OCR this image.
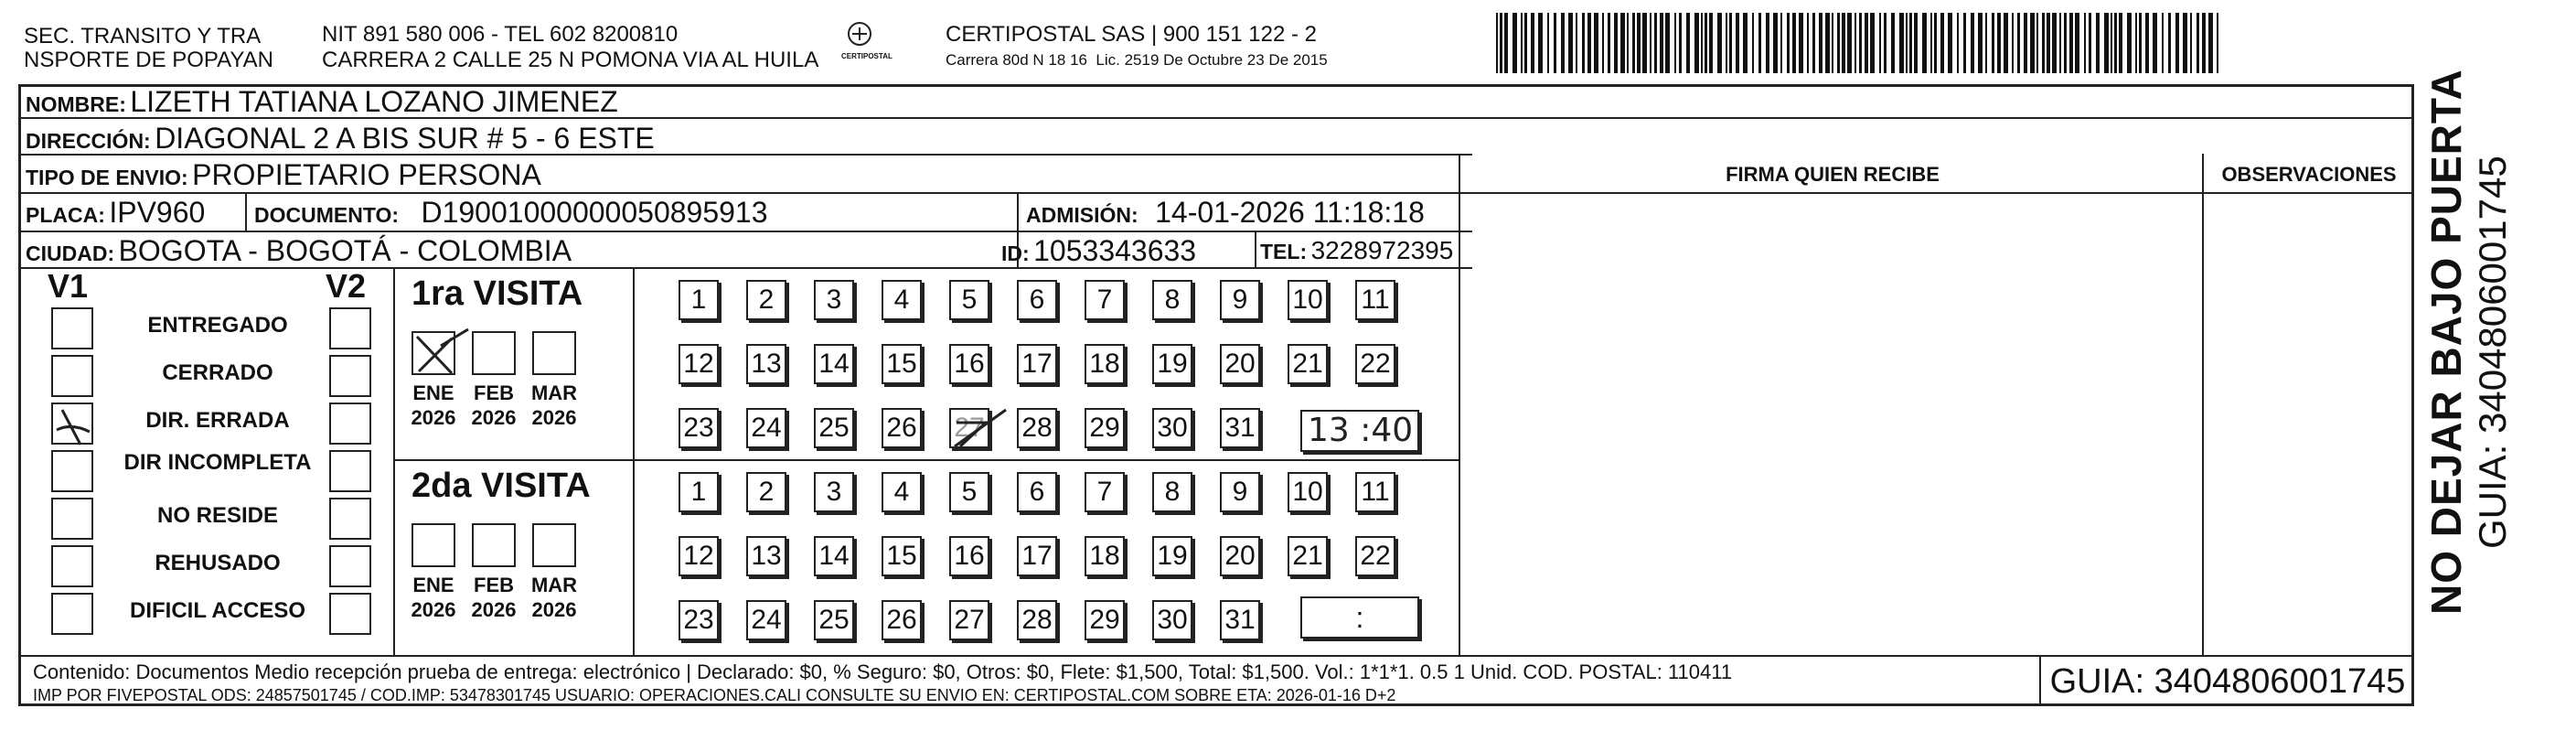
SEC. TRANSITO Y TRA
NSPORTE DE POPAYAN
NIT 891 580 006 - TEL 602 8200810
CARRERA 2 CALLE 25 N POMONA VIA AL HUILA	CERTIPOSTAL
CERTIPOSTAL SAS | 900 151 122 - 2
Carrera 80d N 18 16  Lic. 2519 De Octubre 23 De 2015
NOMBRE: LIZETH TATIANA LOZANO JIMENEZ
DIRECCIÓN: DIAGONAL 2 A BIS SUR # 5 - 6 ESTE
TIPO DE ENVIO: PROPIETARIO PERSONA	FIRMA QUIEN RECIBE	OBSERVACIONES
PLACA: IPV960 DOCUMENTO: D19001000000050895913	ADMISIÓN: 14-01-2026 11:18:18
CIUDAD: BOGOTA - BOGOTÁ - COLOMBIA	ID: 1053343633	TEL: 3228972395
V1	V2
ENTREGADO
CERRADO
DIR. ERRADA
DIR INCOMPLETA
NO RESIDE
REHUSADO
DIFICIL ACCESO
1ra VISITA
ENE
2026
FEB
2026
MAR
2026
1	2	3	4	5	6	7	8	9	10 11
12 13 14 15 16 17 18 19 20 21 22
23 24 25 26 27 28 29 30 31 13 :40
2da VISITA
ENE
2026
FEB
2026
MAR
2026
1	2	3	4	5	6	7	8	9	10 11
12 13 14 15 16 17 18 19 20 21 22
23 24 25 26 27 28 29 30 31	:
Contenido: Documentos Medio recepción prueba de entrega: electrónico | Declarado: $0, % Seguro: $0, Otros: $0, Flete: $1,500, Total: $1,500. Vol.: 1*1*1. 0.5 1 Unid. COD. POSTAL: 110411
IMP POR FIVEPOSTAL ODS: 24857501745 / COD.IMP: 53478301745 USUARIO: OPERACIONES.CALI CONSULTE SU ENVIO EN: CERTIPOSTAL.COM SOBRE ETA: 2026-01-16 D+2	GUIA: 3404806001745
NO DEJAR BAJO PUERTA GUIA: 3404806001745
